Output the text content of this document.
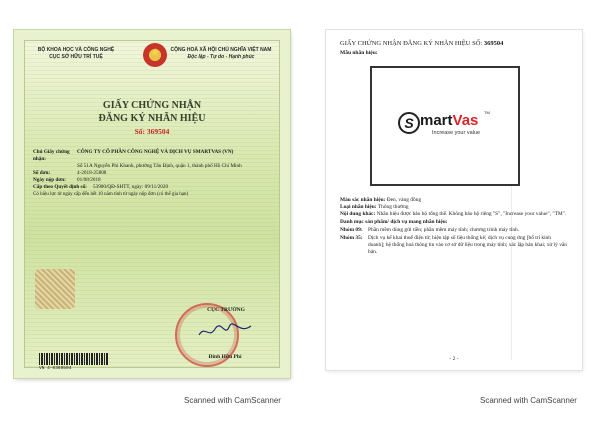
BỘ KHOA HỌC VÀ CÔNG NGHỆ
CỤC SỞ HỮU TRÍ TUỆ	★	CỘNG HOÀ XÃ HỘI CHỦ NGHĨA VIỆT NAM
Độc lập - Tự do - Hạnh phúc
GIẤY CHỨNG NHẬN
ĐĂNG KÝ NHÃN HIỆU
Số: 369504
Chủ Giấy chứng nhận:
CÔNG TY CỔ PHẦN CÔNG NGHỆ VÀ DỊCH VỤ SMARTVAS (VN)
Số 51A Nguyễn Phi Khanh, phường Tân Định, quận 1, thành phố Hồ Chí Minh
Số đơn:	4-2018-25808
Ngày nộp đơn:	01/08/2018
Cấp theo Quyết định số:	53900/QĐ-SHTT, ngày: 09/11/2020
Có hiệu lực từ ngày cấp đến hết 10 năm tính từ ngày nộp đơn (có thể gia hạn)
CỤC TRƯỞNG
Đinh Hữu Phí
VN 4-0369504
GIẤY CHỨNG NHẬN ĐĂNG KÝ NHÃN HIỆU SỐ: 369504
Mẫu nhãn hiệu:
S martVas TM
Increase your value
Màu sắc nhãn hiệu: Đen, vàng đồng
Loại nhãn hiệu: Thông thường
Nội dung khác: Nhãn hiệu được bảo hộ tổng thể. Không bảo hộ riêng "S", "Increase your value", "TM".
Danh mục sản phẩm/ dịch vụ mang nhãn hiệu:
Nhóm 09: Phần mềm dùng gửi tiền; phần mềm máy tính; chương trình máy tính.
Nhóm 35: Dịch vụ kế khai thuế điện tử; hiện tập số liệu thống kê; dịch vụ cung ứng [bố trí kinh doanh]; hệ thống hoá thông tin vào cơ sở dữ liệu trong máy tính; xác lập bản khai; xử lý văn bản.
- 2 -
Scanned with CamScanner	Scanned with CamScanner
